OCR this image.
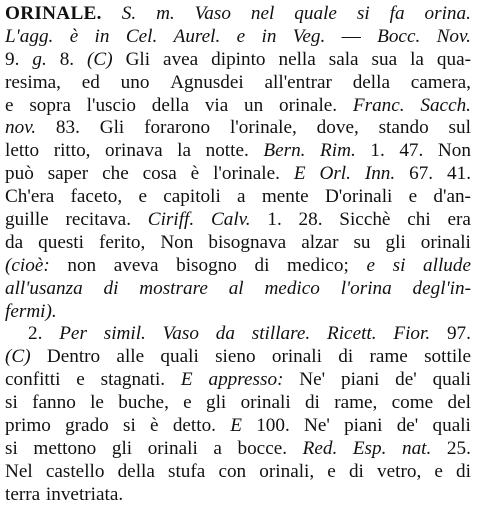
ORINALE. S. m. Vaso nel quale si fa orina.
L'agg. è in Cel. Aurel. e in Veg. — Bocc. Nov.
9. g. 8. (C) Gli avea dipinto nella sala sua la qua-
resima, ed uno Agnusdei all'entrar della camera,
e sopra l'uscio della via un orinale. Franc. Sacch.
nov. 83. Gli forarono l'orinale, dove, stando sul
letto ritto, orinava la notte. Bern. Rim. 1. 47. Non
può saper che cosa è l'orinale. E Orl. Inn. 67. 41.
Ch'era faceto, e capitoli a mente D'orinali e d'an-
guille recitava. Ciriff. Calv. 1. 28. Sicchè chi era
da questi ferito, Non bisognava alzar su gli orinali
(cioè: non aveva bisogno di medico; e si allude
all'usanza di mostrare al medico l'orina degl'in-
fermi).
2. Per simil. Vaso da stillare. Ricett. Fior. 97.
(C) Dentro alle quali sieno orinali di rame sottile
confitti e stagnati. E appresso: Ne' piani de' quali
si fanno le buche, e gli orinali di rame, come del
primo grado si è detto. E 100. Ne' piani de' quali
si mettono gli orinali a bocce. Red. Esp. nat. 25.
Nel castello della stufa con orinali, e di vetro, e di
terra invetriata.
